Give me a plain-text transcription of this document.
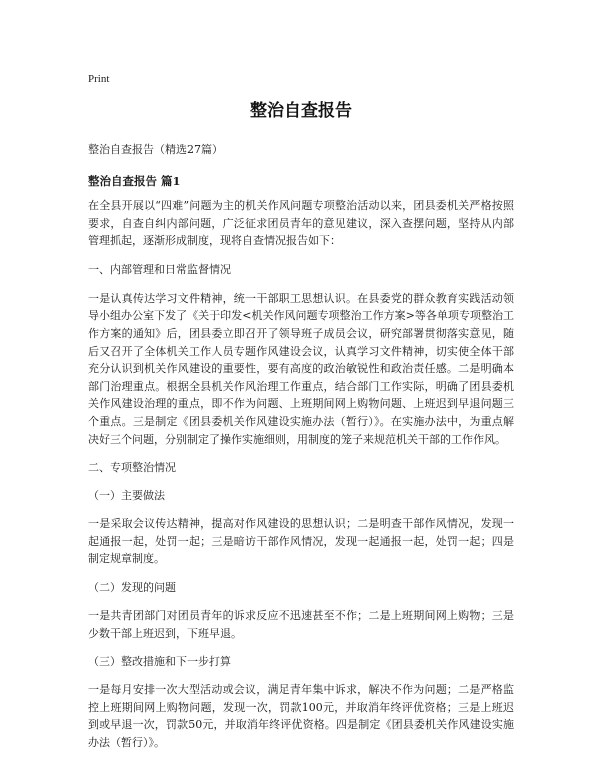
Print
整治自查报告

整治自查报告（精选27篇）

整治自查报告 篇1

在全县开展以“四难”问题为主的机关作风问题专项整治活动以来，团县委机关严格按照要求，自查自纠内部问题，广泛征求团员青年的意见建议，深入查摆问题，坚持从内部管理抓起，逐渐形成制度，现将自查情况报告如下：

一、内部管理和日常监督情况

一是认真传达学习文件精神，统一干部职工思想认识。在县委党的群众教育实践活动领导小组办公室下发了《关于印发<机关作风问题专项整治工作方案>等各单项专项整治工作方案的通知》后，团县委立即召开了领导班子成员会议，研究部署贯彻落实意见，随后又召开了全体机关工作人员专题作风建设会议，认真学习文件精神，切实使全体干部充分认识到机关作风建设的重要性，要有高度的政治敏锐性和政治责任感。二是明确本部门治理重点。根据全县机关作风治理工作重点，结合部门工作实际，明确了团县委机关作风建设治理的重点，即不作为问题、上班期间网上购物问题、上班迟到早退问题三个重点。三是制定《团县委机关作风建设实施办法（暂行）》。在实施办法中，为重点解决好三个问题，分别制定了操作实施细则，用制度的笼子来规范机关干部的工作作风。

二、专项整治情况

（一）主要做法

一是采取会议传达精神，提高对作风建设的思想认识；二是明查干部作风情况，发现一起通报一起，处罚一起；三是暗访干部作风情况，发现一起通报一起，处罚一起；四是制定规章制度。

（二）发现的问题

一是共青团部门对团员青年的诉求反应不迅速甚至不作；二是上班期间网上购物；三是少数干部上班迟到，下班早退。

（三）整改措施和下一步打算

一是每月安排一次大型活动或会议，满足青年集中诉求，解决不作为问题；二是严格监控上班期间网上购物问题，发现一次，罚款100元，并取消年终评优资格；三是上班迟到或早退一次，罚款50元，并取消年终评优资格。四是制定《团县委机关作风建设实施办法（暂行）》。
